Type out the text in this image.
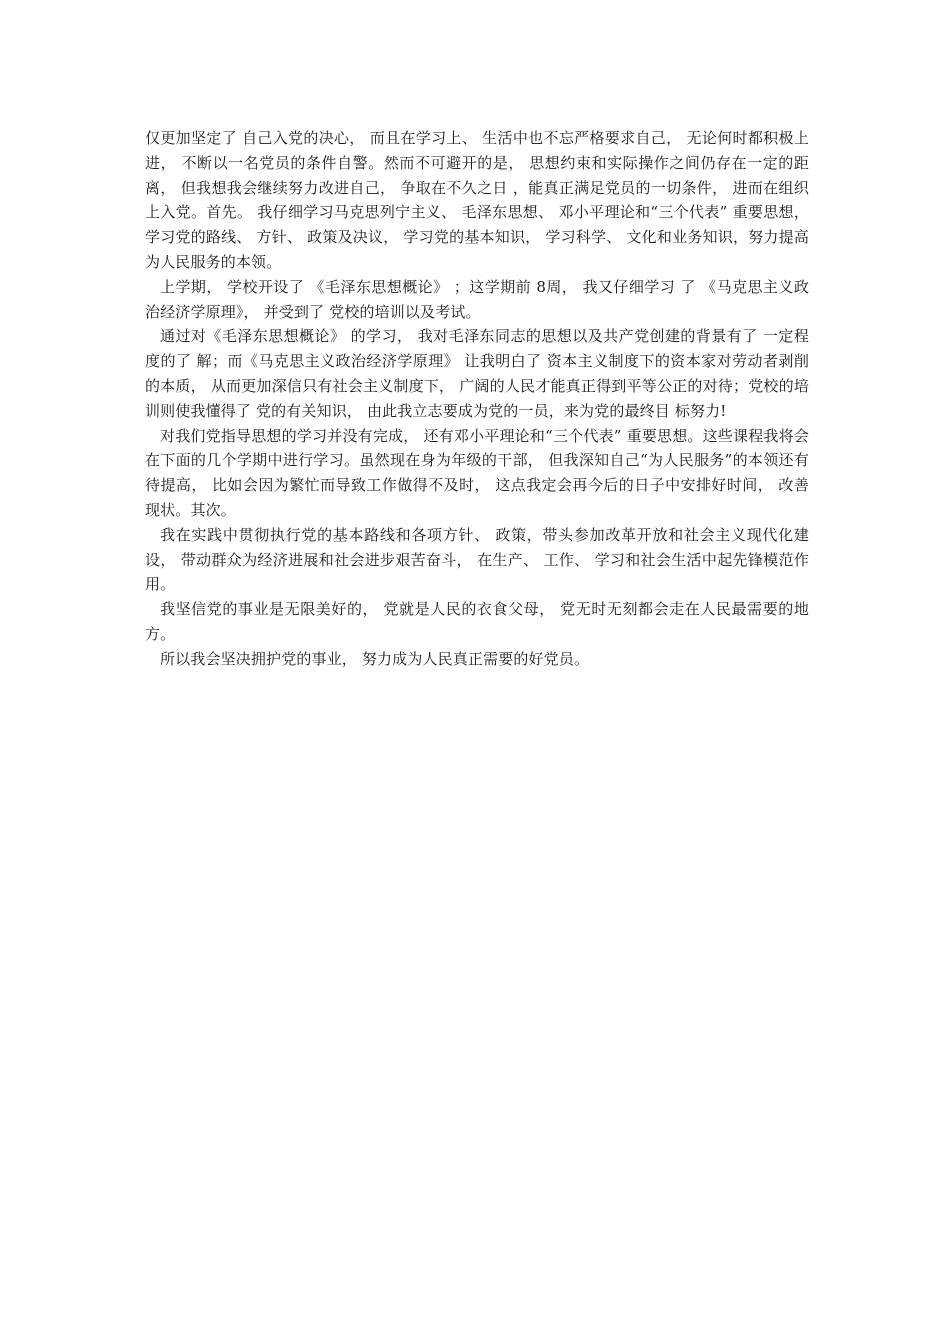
仅更加坚定了 自己入党的决心， 而且在学习上、 生活中也不忘严格要求自己， 无论何时都积极上进， 不断以一名党员的条件自警。然而不可避开的是， 思想约束和实际操作之间仍存在一定的距离， 但我想我会继续努力改进自己， 争取在不久之日 ，能真正满足党员的一切条件， 进而在组织上入党。首先。 我仔细学习马克思列宁主义、 毛泽东思想、 邓小平理论和“三个代表” 重要思想， 学习党的路线、 方针、 政策及决议， 学习党的基本知识， 学习科学、 文化和业务知识，努力提高为人民服务的本领。

上学期， 学校开设了 《毛泽东思想概论》 ；这学期前 8周， 我又仔细学习 了 《马克思主义政治经济学原理》， 并受到了 党校的培训以及考试。

通过对《毛泽东思想概论》 的学习， 我对毛泽东同志的思想以及共产党创建的背景有了 一定程度的了 解；而《马克思主义政治经济学原理》 让我明白了 资本主义制度下的资本家对劳动者剥削的本质， 从而更加深信只有社会主义制度下， 广阔的人民才能真正得到平等公正的对待；党校的培训则使我懂得了 党的有关知识， 由此我立志要成为党的一员，来为党的最终目 标努力!

对我们党指导思想的学习并没有完成， 还有邓小平理论和“三个代表” 重要思想。这些课程我将会在下面的几个学期中进行学习。虽然现在身为年级的干部， 但我深知自己“为人民服务”的本领还有待提高， 比如会因为繁忙而导致工作做得不及时， 这点我定会再今后的日子中安排好时间， 改善现状。其次。

我在实践中贯彻执行党的基本路线和各项方针、 政策，带头参加改革开放和社会主义现代化建设， 带动群众为经济进展和社会进步艰苦奋斗， 在生产、 工作、 学习和社会生活中起先锋模范作用。

我坚信党的事业是无限美好的， 党就是人民的衣食父母， 党无时无刻都会走在人民最需要的地方。

所以我会坚决拥护党的事业， 努力成为人民真正需要的好党员。
